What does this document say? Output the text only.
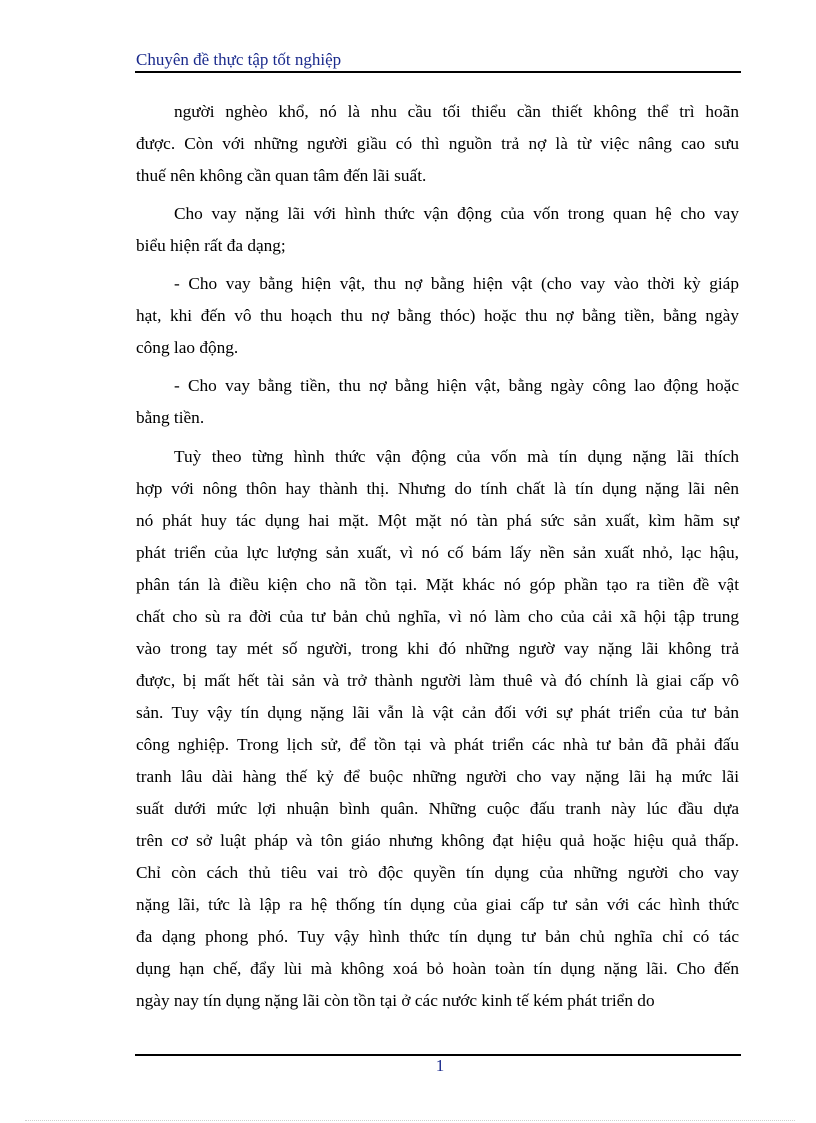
Chuyên đề thực tập tốt nghiệp

người nghèo khổ, nó là nhu cầu tối thiểu cần thiết không thể trì hoãn
được. Còn với những người giầu có thì nguồn trả nợ là từ việc nâng cao sưu
thuế nên không cần quan tâm đến lãi suất.

Cho vay nặng lãi với hình thức vận động của vốn trong quan hệ cho vay
biểu hiện rất đa dạng;

- Cho vay bằng hiện vật, thu nợ bằng hiện vật (cho vay vào thời kỳ giáp
hạt, khi đến vô thu hoạch thu nợ bằng thóc) hoặc thu nợ bằng tiền, bằng ngày
công lao động.

- Cho vay bằng tiền, thu nợ bằng hiện vật, bằng ngày công lao động hoặc
bằng tiền.

Tuỳ theo từng hình thức vận động của vốn mà tín dụng nặng lãi thích
hợp với nông thôn hay thành thị. Nhưng do tính chất là tín dụng nặng lãi nên
nó phát huy tác dụng hai mặt. Một mặt nó tàn phá sức sản xuất, kìm hãm sự
phát triển của lực lượng sản xuất, vì nó cố bám lấy nền sản xuất nhỏ, lạc hậu,
phân tán là điều kiện cho nã tồn tại. Mặt khác nó góp phần tạo ra tiền đề vật
chất cho sù ra đời của tư bản chủ nghĩa, vì nó làm cho của cải xã hội tập trung
vào trong tay mét số người, trong khi đó những ngườ vay nặng lãi không trả
được, bị mất hết tài sản và trở thành người làm thuê và đó chính là giai cấp vô
sản. Tuy vậy tín dụng nặng lãi vẫn là vật cản đối với sự phát triển của tư bản
công nghiệp. Trong lịch sử, để tồn tại và phát triển các nhà tư bản đã phải đấu
tranh lâu dài hàng thế kỷ để buộc những người cho vay nặng lãi hạ mức lãi
suất dưới mức lợi nhuận bình quân. Những cuộc đấu tranh này lúc đầu dựa
trên cơ sở luật pháp và tôn giáo nhưng không đạt hiệu quả hoặc hiệu quả thấp.
Chỉ còn cách thủ tiêu vai trò độc quyền tín dụng của những người cho vay
nặng lãi, tức là lập ra hệ thống tín dụng của giai cấp tư sản với các hình thức
đa dạng phong phó. Tuy vậy hình thức tín dụng tư bản chủ nghĩa chỉ có tác
dụng hạn chế, đẩy lùi mà không xoá bỏ hoàn toàn tín dụng nặng lãi. Cho đến
ngày nay tín dụng nặng lãi còn tồn tại ở các nước kinh tế kém phát triển do

1
